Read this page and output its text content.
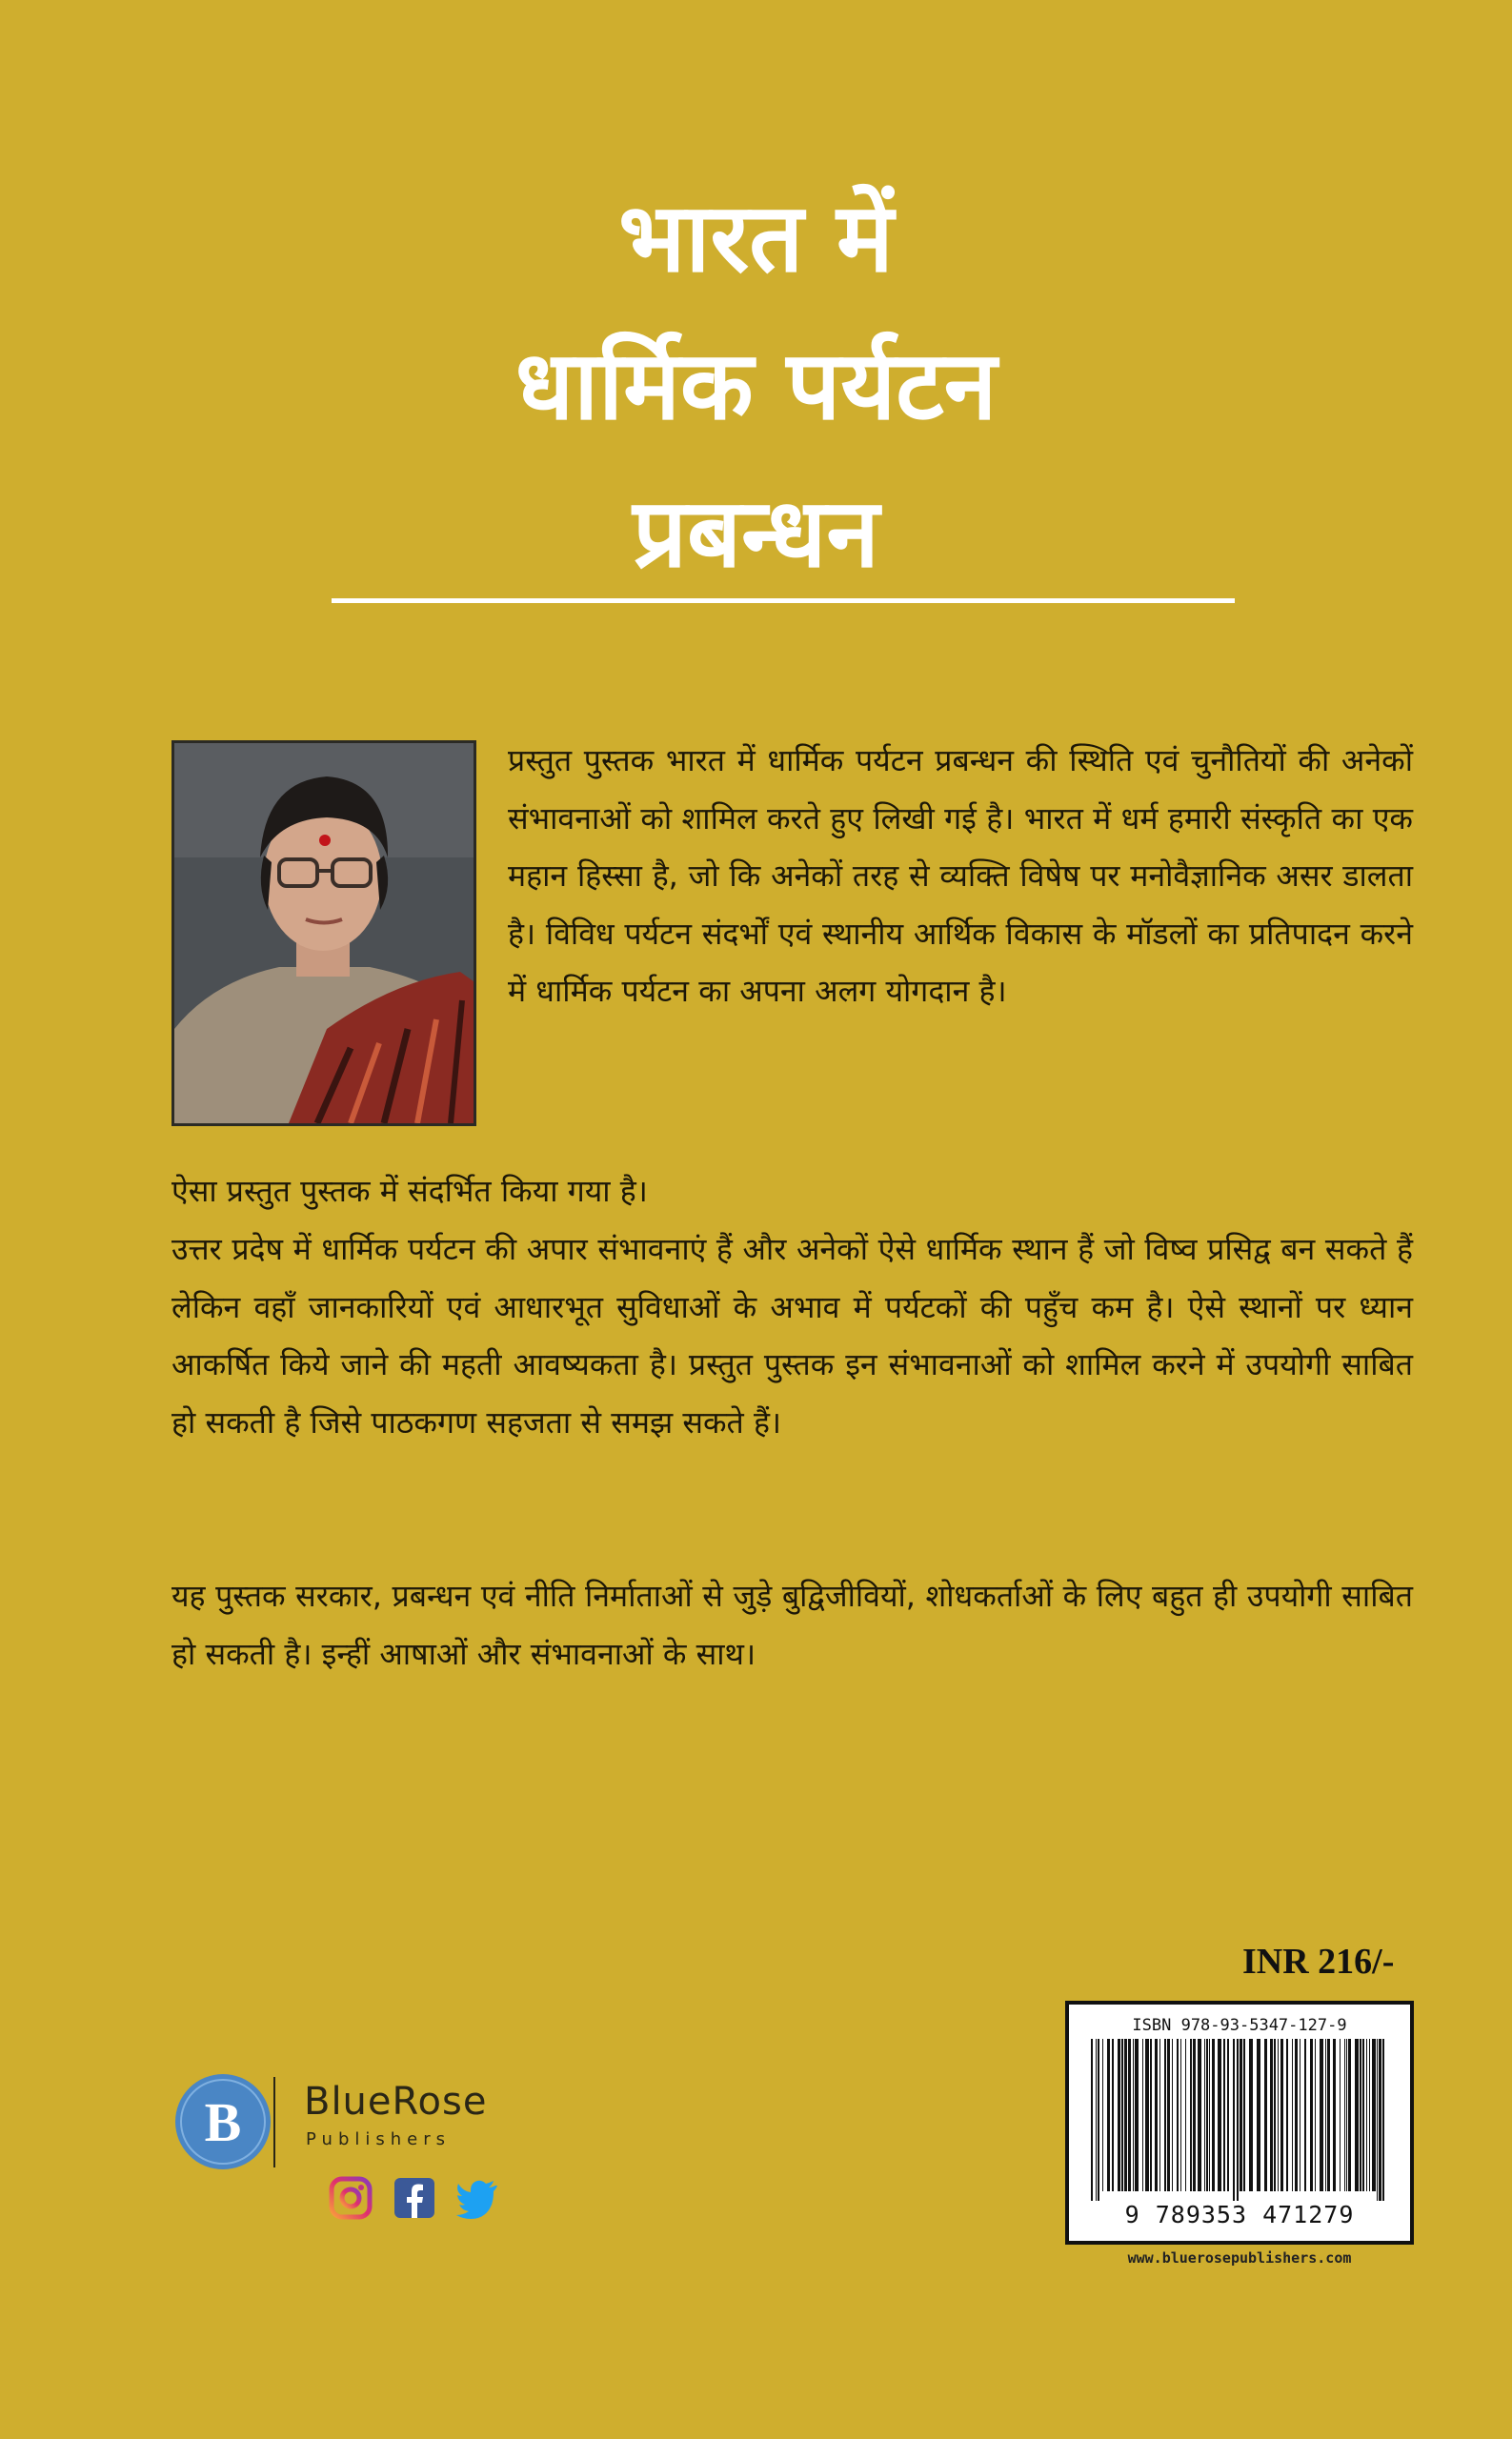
भारत में
धार्मिक पर्यटन
प्रबन्धन

प्रस्तुत पुस्तक भारत में धार्मिक पर्यटन प्रबन्धन की स्थिति एवं चुनौतियों की अनेकों संभावनाओं को शामिल करते हुए लिखी गई है। भारत में धर्म हमारी संस्कृति का एक महान हिस्सा है, जो कि अनेकों तरह से व्यक्ति विषेष पर मनोवैज्ञानिक असर डालता है। विविध पर्यटन संदर्भों एवं स्थानीय आर्थिक विकास के मॉडलों का प्रतिपादन करने में धार्मिक पर्यटन का अपना अलग योगदान है।

ऐसा प्रस्तुत पुस्तक में संदर्भित किया गया है।

उत्तर प्रदेष में धार्मिक पर्यटन की अपार संभावनाएं हैं और अनेकों ऐसे धार्मिक स्थान हैं जो विष्व प्रसिद्व बन सकते हैं लेकिन वहाँ जानकारियों एवं आधारभूत सुविधाओं के अभाव में पर्यटकों की पहुँच कम है। ऐसे स्थानों पर ध्यान आकर्षित किये जाने की महती आवष्यकता है। प्रस्तुत पुस्तक इन संभावनाओं को शामिल करने में उपयोगी साबित हो सकती है जिसे पाठकगण सहजता से समझ सकते हैं।

यह पुस्तक सरकार, प्रबन्धन एवं नीति निर्माताओं से जुड़े बुद्विजीवियों, शोधकर्ताओं के लिए बहुत ही उपयोगी साबित हो सकती है। इन्हीं आषाओं और संभावनाओं के साथ।

INR 216/-
ISBN 978-93-5347-127-9
9 789353 471279
www.bluerosepublishers.com
B BlueRose
Publishers
